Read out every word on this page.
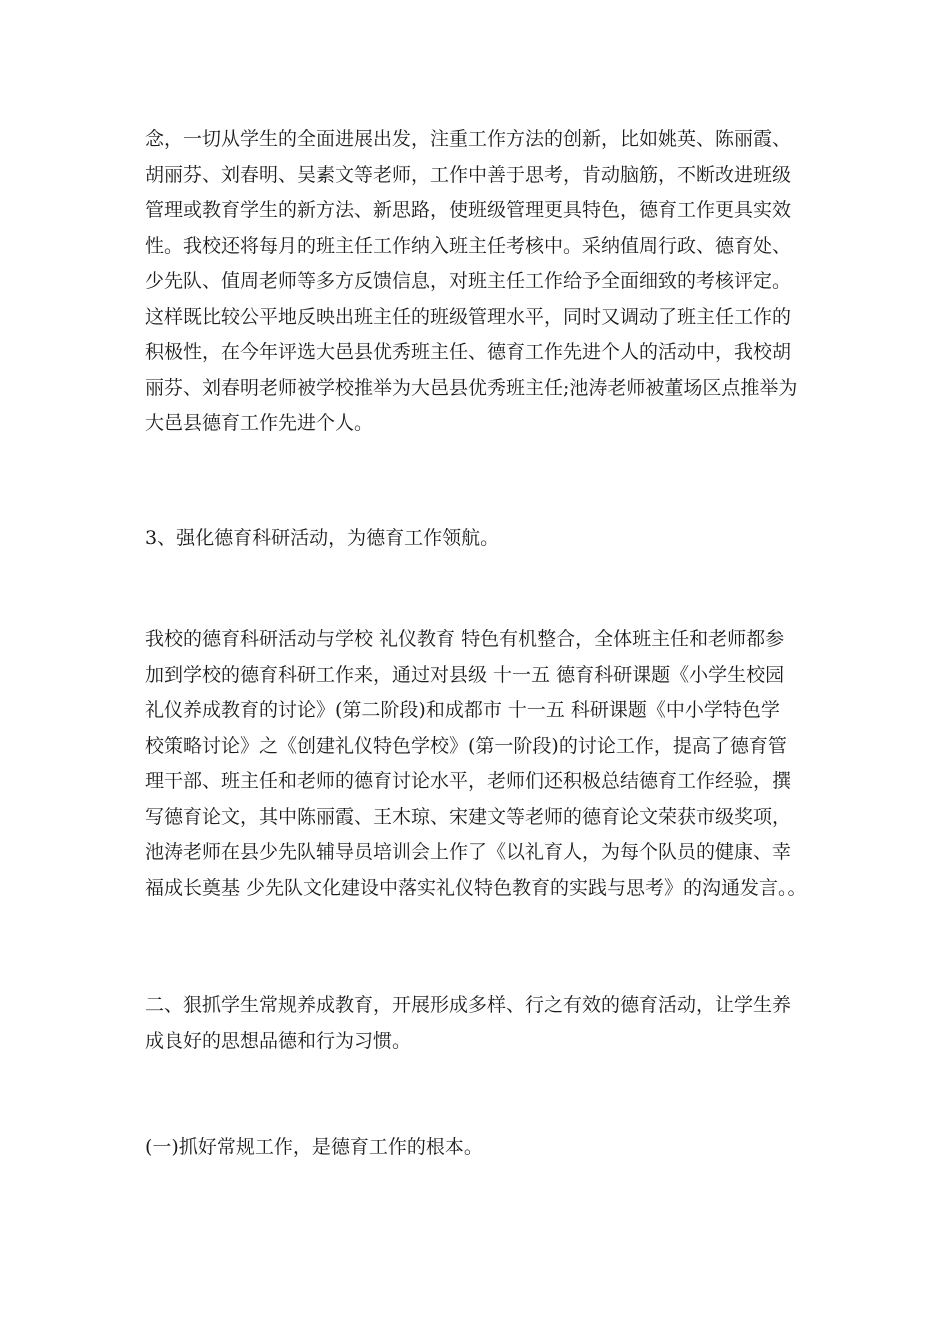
念，一切从学生的全面进展出发，注重工作方法的创新，比如姚英、陈丽霞、
胡丽芬、刘春明、吴素文等老师，工作中善于思考，肯动脑筋，不断改进班级
管理或教育学生的新方法、新思路，使班级管理更具特色，德育工作更具实效
性。我校还将每月的班主任工作纳入班主任考核中。采纳值周行政、德育处、
少先队、值周老师等多方反馈信息，对班主任工作给予全面细致的考核评定。
这样既比较公平地反映出班主任的班级管理水平，同时又调动了班主任工作的
积极性，在今年评选大邑县优秀班主任、德育工作先进个人的活动中，我校胡
丽芬、刘春明老师被学校推举为大邑县优秀班主任;池涛老师被董场区点推举为
大邑县德育工作先进个人。
3、强化德育科研活动，为德育工作领航。
我校的德育科研活动与学校 礼仪教育 特色有机整合，全体班主任和老师都参
加到学校的德育科研工作来，通过对县级 十一五 德育科研课题《小学生校园
礼仪养成教育的讨论》(第二阶段)和成都市 十一五 科研课题《中小学特色学
校策略讨论》之《创建礼仪特色学校》(第一阶段)的讨论工作，提高了德育管
理干部、班主任和老师的德育讨论水平，老师们还积极总结德育工作经验，撰
写德育论文，其中陈丽霞、王木琼、宋建文等老师的德育论文荣获市级奖项，
池涛老师在县少先队辅导员培训会上作了《以礼育人，为每个队员的健康、幸
福成长奠基 少先队文化建设中落实礼仪特色教育的实践与思考》的沟通发言。。
二、狠抓学生常规养成教育，开展形成多样、行之有效的德育活动，让学生养
成良好的思想品德和行为习惯。
(一)抓好常规工作，是德育工作的根本。
